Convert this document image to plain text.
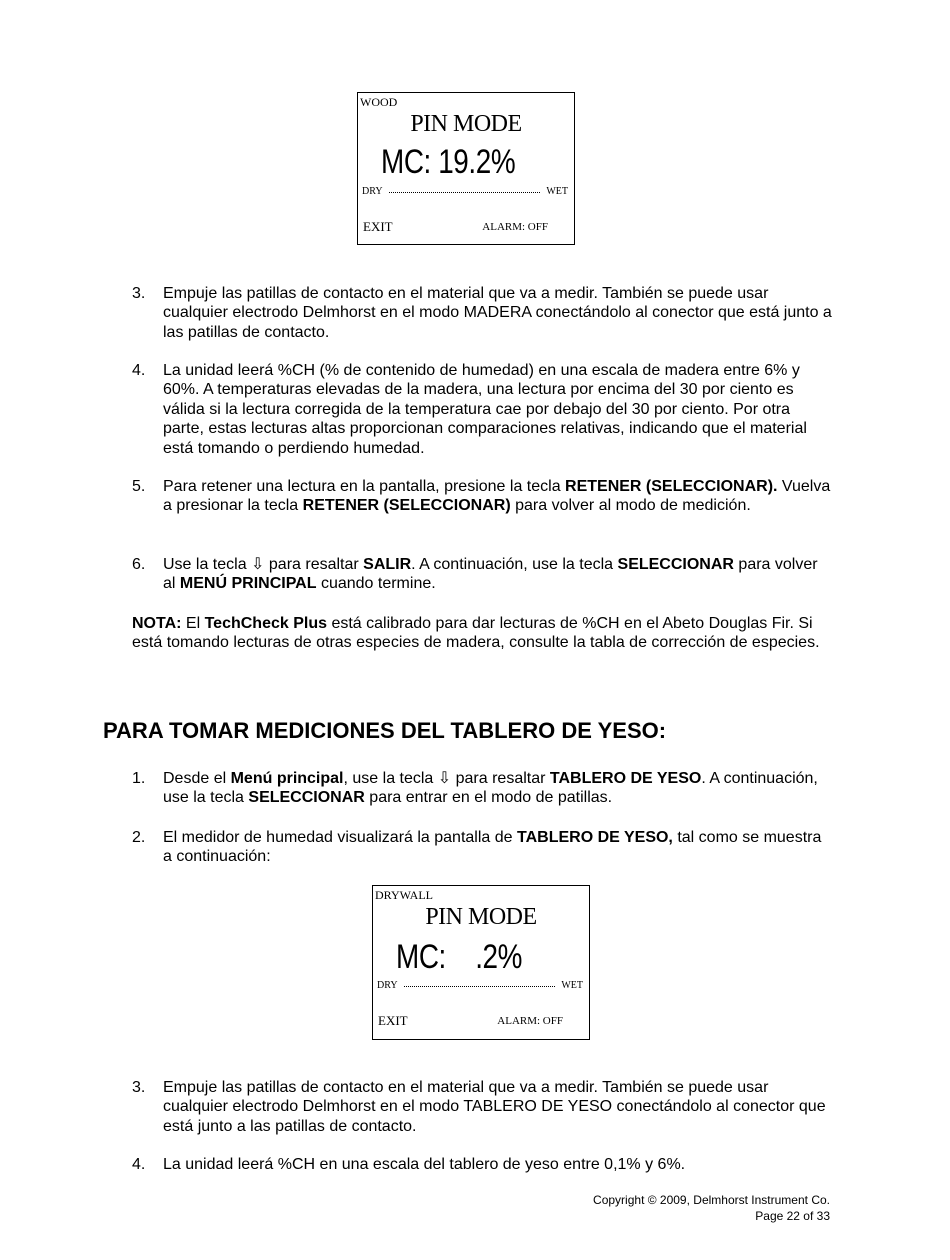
WOOD
PIN MODE
MC: 19.2%
DRY	WET
EXIT	ALARM: OFF
3. Empuje las patillas de contacto en el material que va a medir. También se puede usar cualquier electrodo Delmhorst en el modo MADERA conectándolo al conector que está junto a las patillas de contacto.
4. La unidad leerá %CH (% de contenido de humedad) en una escala de madera entre 6% y 60%. A temperaturas elevadas de la madera, una lectura por encima del 30 por ciento es válida si la lectura corregida de la temperatura cae por debajo del 30 por ciento. Por otra parte, estas lecturas altas proporcionan comparaciones relativas, indicando que el material está tomando o perdiendo humedad.
5. Para retener una lectura en la pantalla, presione la tecla RETENER (SELECCIONAR). Vuelva a presionar la tecla RETENER (SELECCIONAR) para volver al modo de medición.
6. Use la tecla ⇩ para resaltar SALIR. A continuación, use la tecla SELECCIONAR para volver al MENÚ PRINCIPAL cuando termine.
NOTA: El TechCheck Plus está calibrado para dar lecturas de %CH en el Abeto Douglas Fir. Si está tomando lecturas de otras especies de madera, consulte la tabla de corrección de especies.
PARA TOMAR MEDICIONES DEL TABLERO DE YESO:
1. Desde el Menú principal, use la tecla ⇩ para resaltar TABLERO DE YESO. A continuación, use la tecla SELECCIONAR para entrar en el modo de patillas.
2. El medidor de humedad visualizará la pantalla de TABLERO DE YESO, tal como se muestra a continuación:
DRYWALL
PIN MODE
MC:    .2%
DRY	WET
EXIT	ALARM: OFF
3. Empuje las patillas de contacto en el material que va a medir. También se puede usar cualquier electrodo Delmhorst en el modo TABLERO DE YESO conectándolo al conector que está junto a las patillas de contacto.
4. La unidad leerá %CH en una escala del tablero de yeso entre 0,1% y 6%.
Copyright © 2009, Delmhorst Instrument Co.
Page 22 of 33
